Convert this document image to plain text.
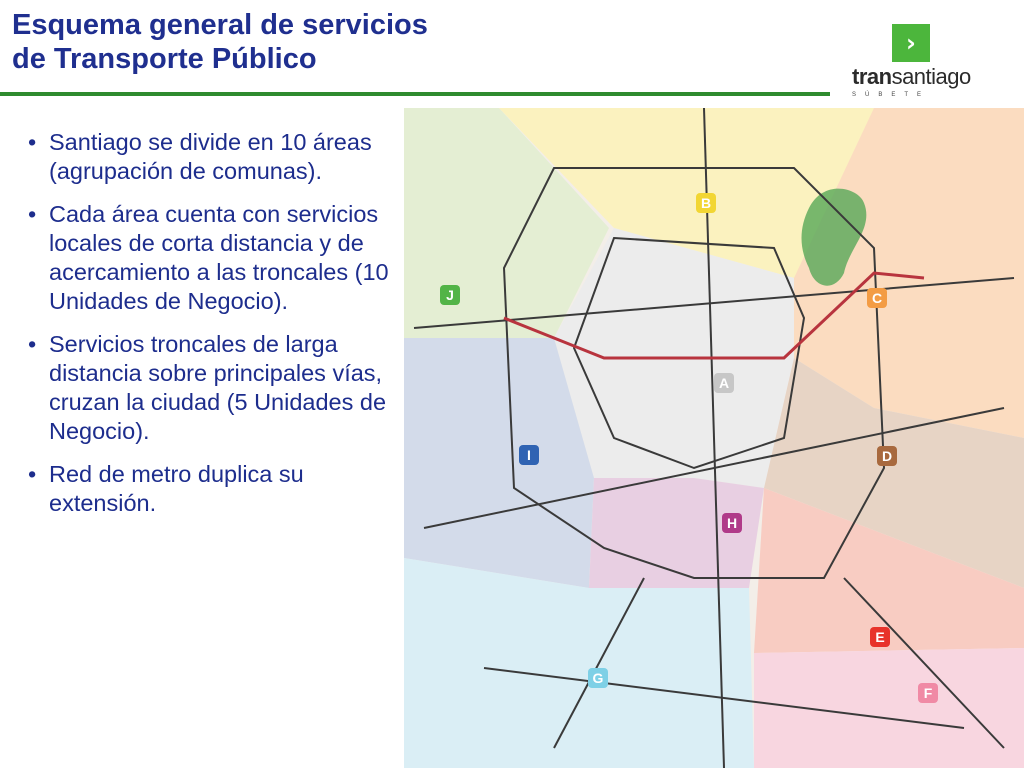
Esquema general de servicios
de Transporte Público	›
transantiago
SÚBETE
• Santiago se divide en 10 áreas (agrupación de comunas).
• Cada área cuenta con servicios locales de corta distancia y de acercamiento a las troncales (10 Unidades de Negocio).
• Servicios troncales de larga distancia sobre principales vías, cruzan la ciudad (5 Unidades de Negocio).
• Red de metro duplica su extensión.
B
C
J
A
I	D
H
E
G
F
